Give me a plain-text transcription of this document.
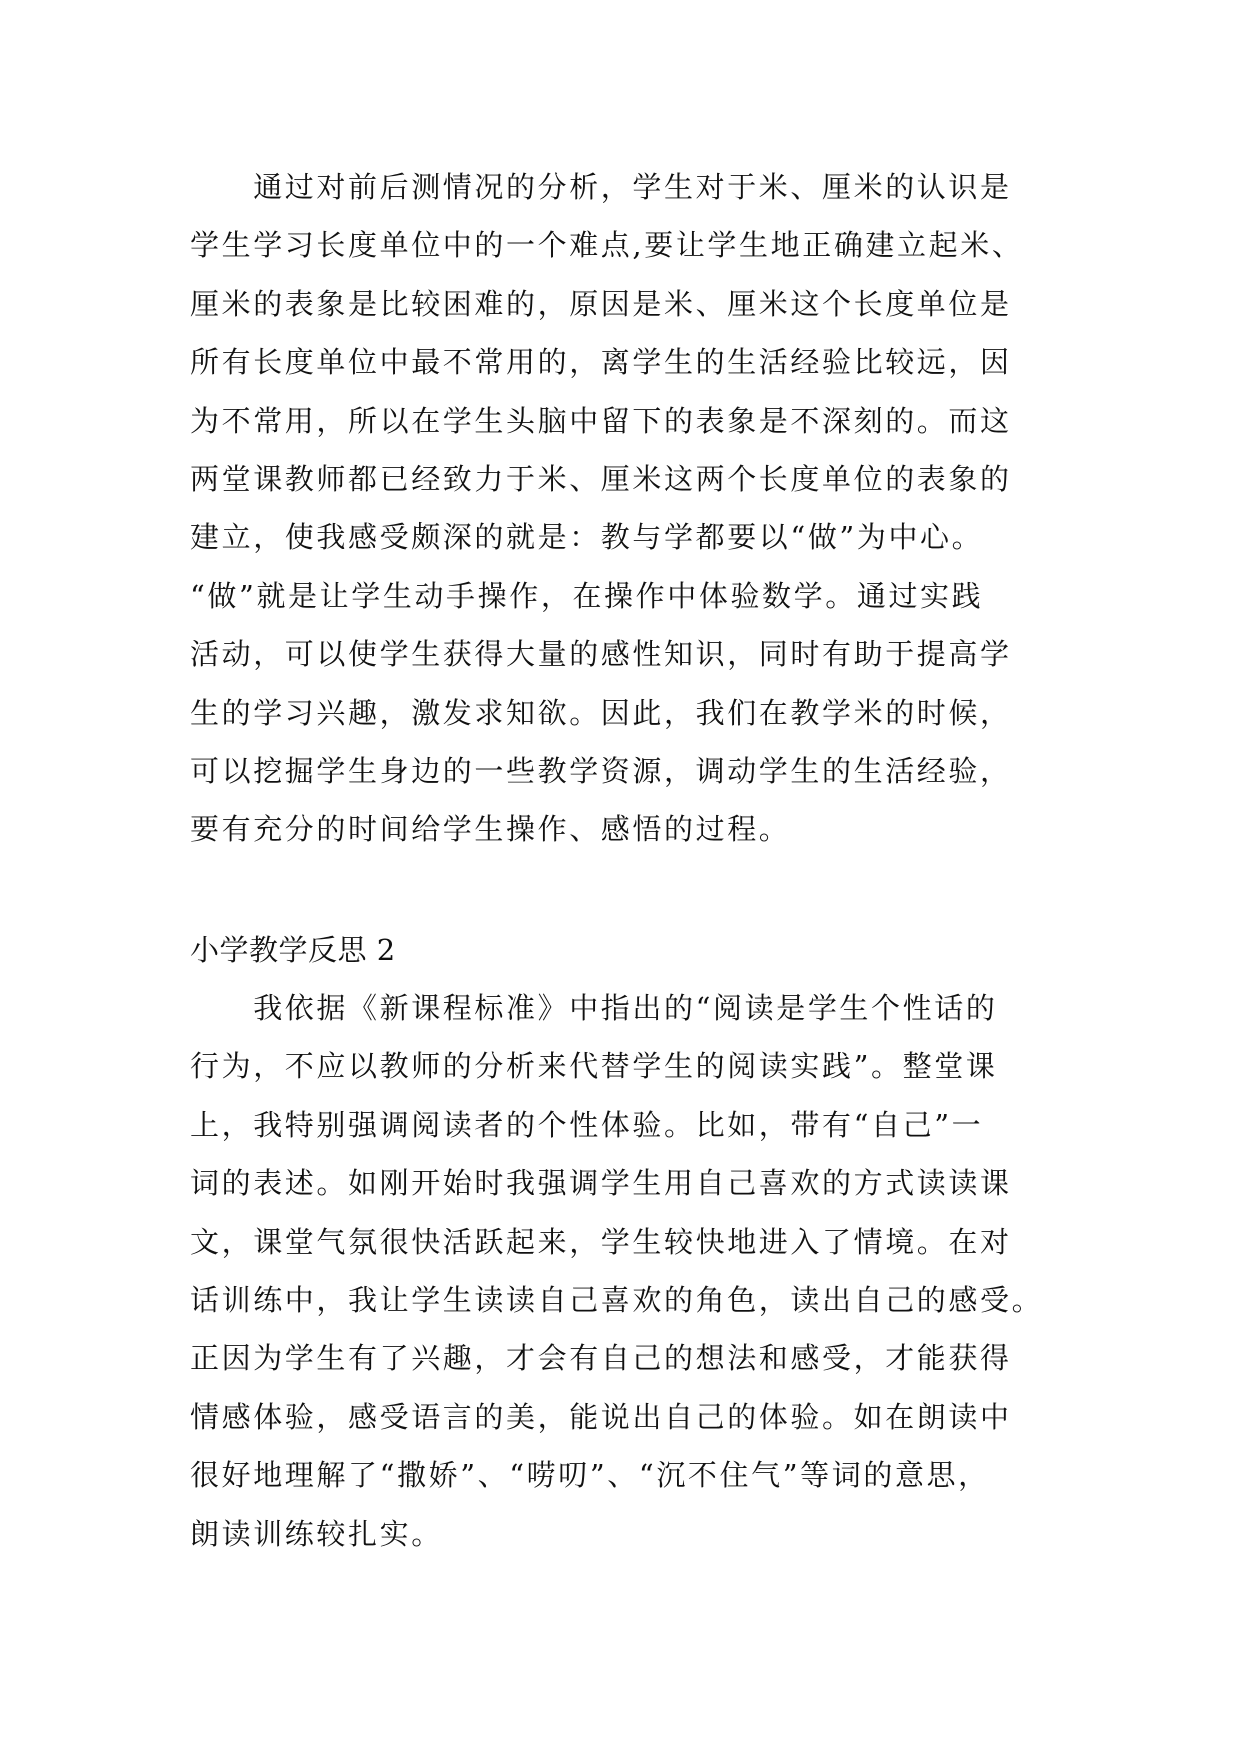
　　通过对前后测情况的分析，学生对于米、厘米的认识是
学生学习长度单位中的一个难点,要让学生地正确建立起米、
厘米的表象是比较困难的，原因是米、厘米这个长度单位是
所有长度单位中最不常用的，离学生的生活经验比较远，因
为不常用，所以在学生头脑中留下的表象是不深刻的。而这
两堂课教师都已经致力于米、厘米这两个长度单位的表象的
建立，使我感受颇深的就是：教与学都要以“做”为中心。
“做”就是让学生动手操作，在操作中体验数学。通过实践
活动，可以使学生获得大量的感性知识，同时有助于提高学
生的学习兴趣，激发求知欲。因此，我们在教学米的时候，
可以挖掘学生身边的一些教学资源，调动学生的生活经验，
要有充分的时间给学生操作、感悟的过程。
小学教学反思 2
　　我依据《新课程标准》中指出的“阅读是学生个性话的
行为，不应以教师的分析来代替学生的阅读实践”。整堂课
上，我特别强调阅读者的个性体验。比如，带有“自己”一
词的表述。如刚开始时我强调学生用自己喜欢的方式读读课
文，课堂气氛很快活跃起来，学生较快地进入了情境。在对
话训练中，我让学生读读自己喜欢的角色，读出自己的感受。
正因为学生有了兴趣，才会有自己的想法和感受，才能获得
情感体验，感受语言的美，能说出自己的体验。如在朗读中
很好地理解了“撒娇”、“唠叨”、“沉不住气”等词的意思，
朗读训练较扎实。
